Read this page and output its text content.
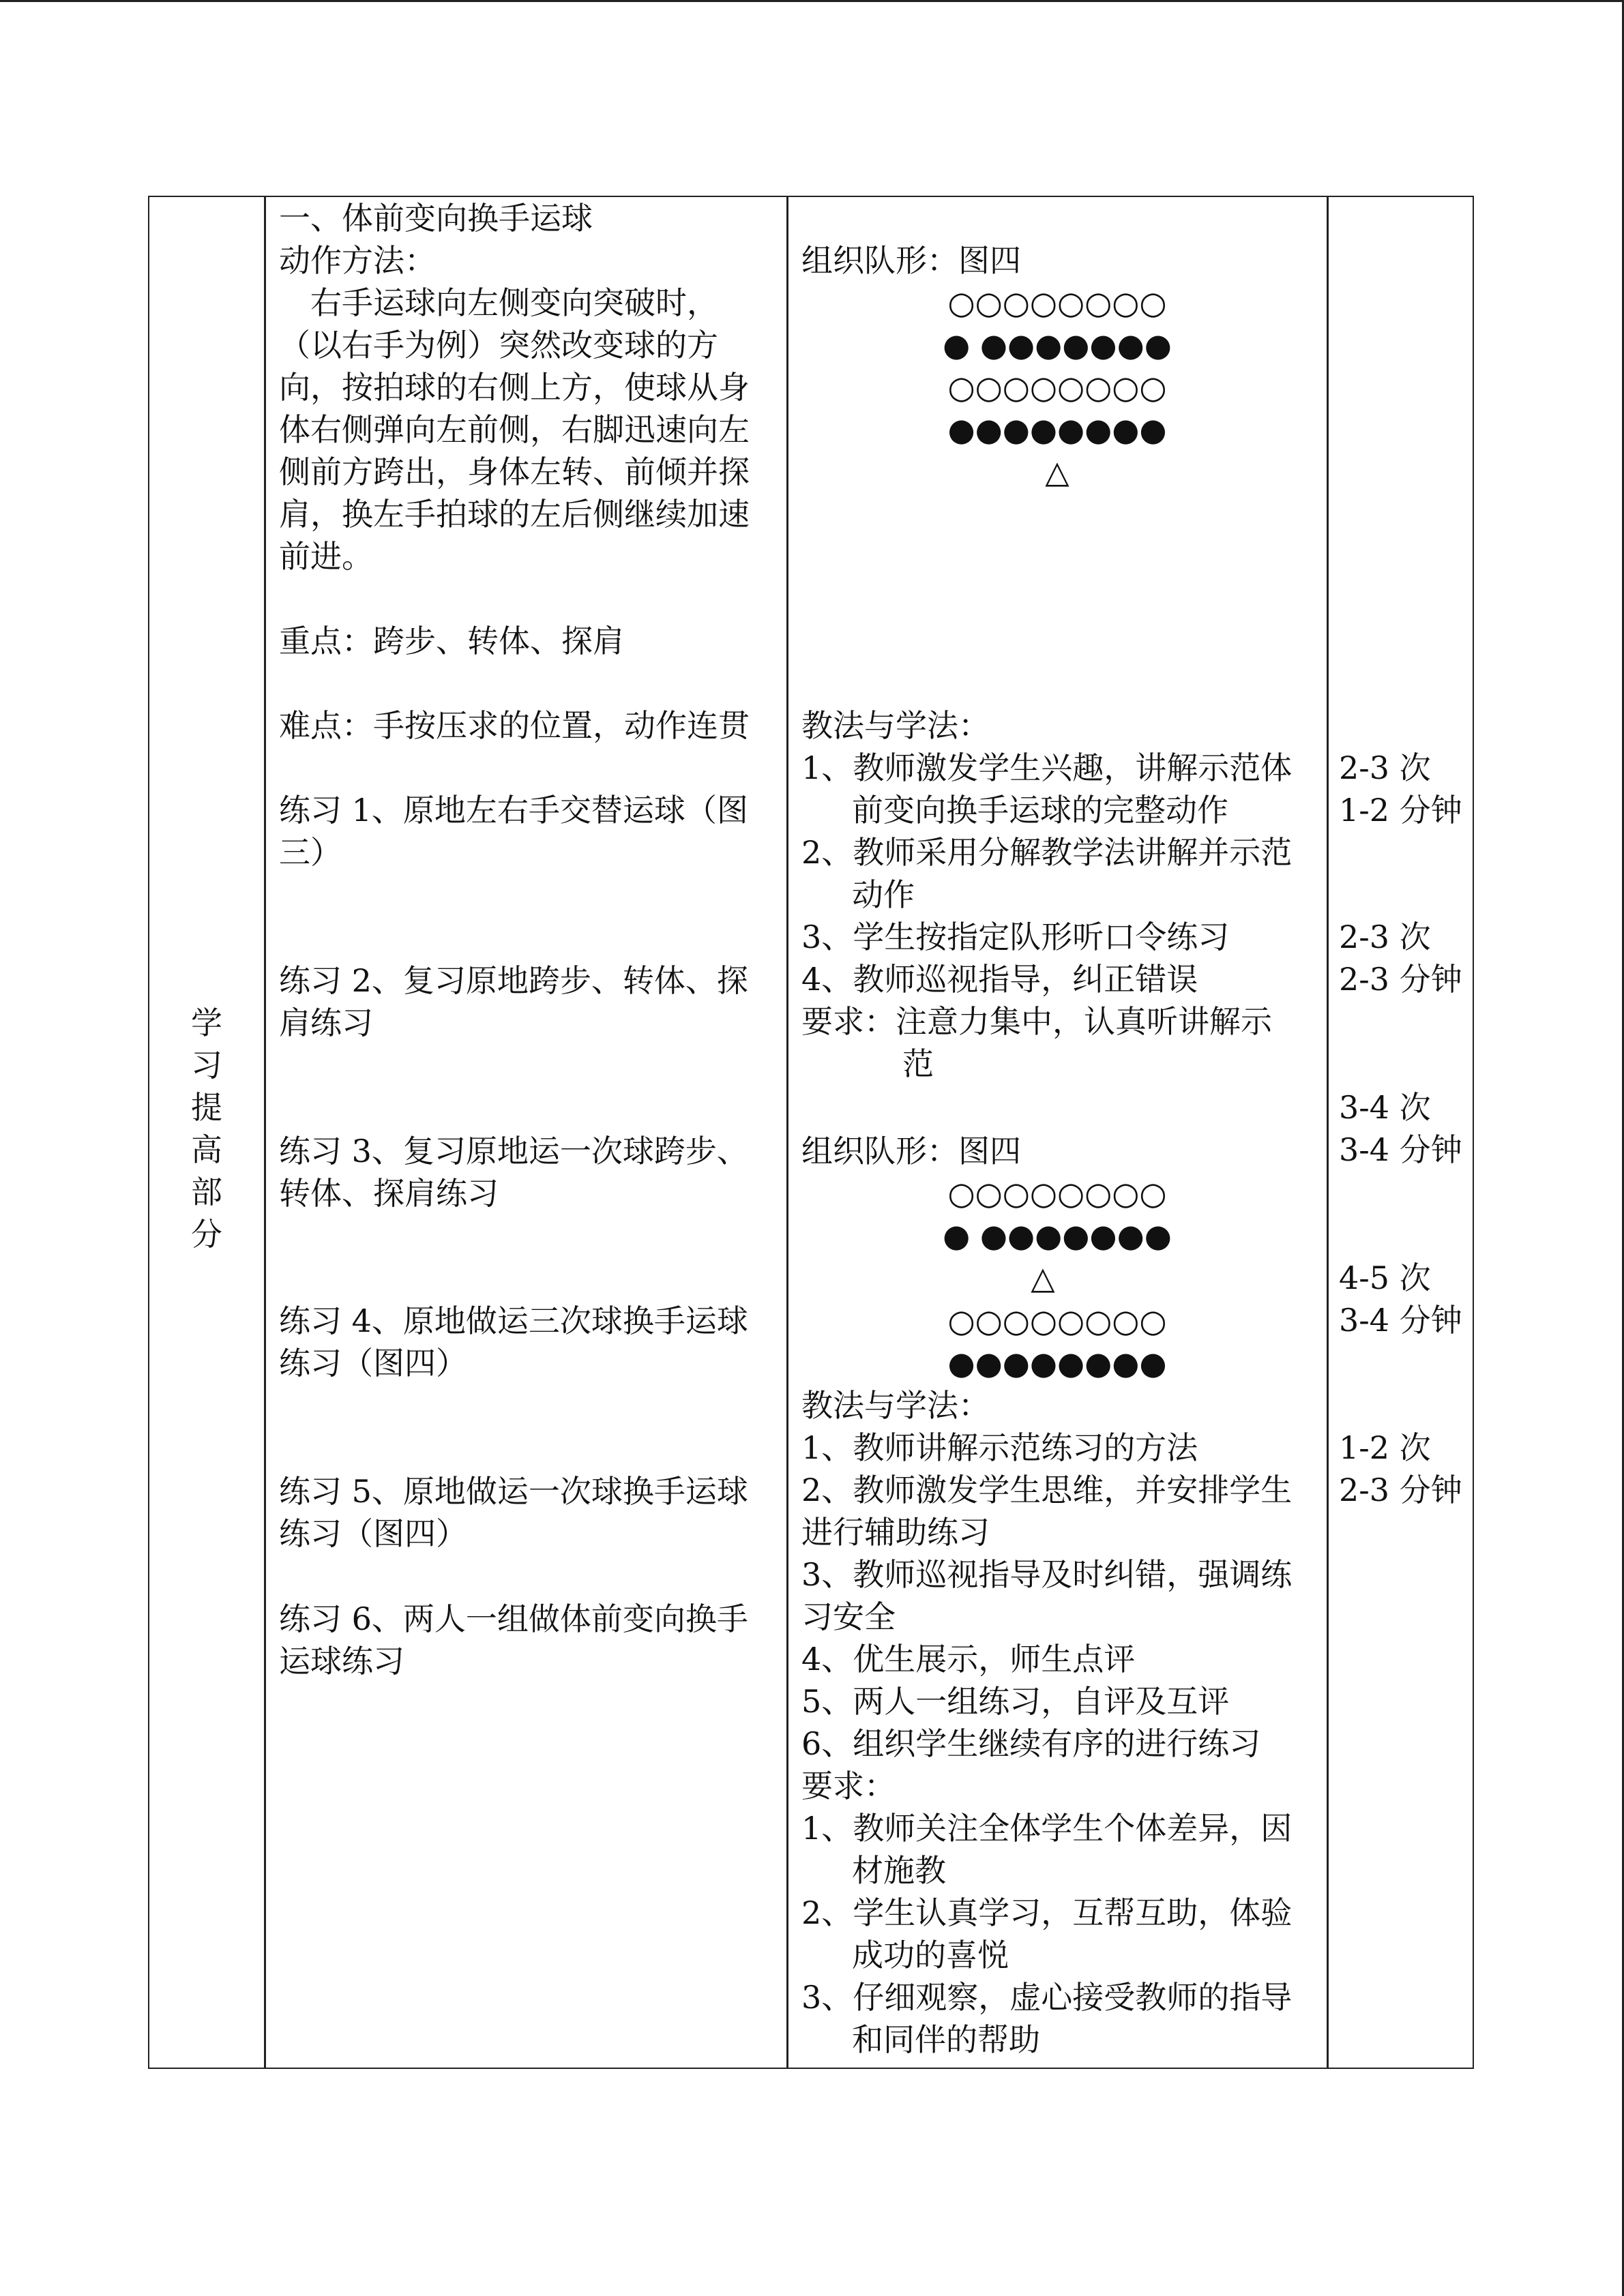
学
习
提
高
部
分
一、体前变向换手运球
动作方法：
　右手运球向左侧变向突破时，
（以右手为例）突然改变球的方
向，按拍球的右侧上方，使球从身
体右侧弹向左前侧，右脚迅速向左
侧前方跨出，身体左转、前倾并探
肩，换左手拍球的左后侧继续加速
前进。
重点：跨步、转体、探肩
难点：手按压求的位置，动作连贯
练习 1、原地左右手交替运球（图
三）
练习 2、复习原地跨步、转体、探
肩练习
练习 3、复习原地运一次球跨步、
转体、探肩练习
练习 4、原地做运三次球换手运球
练习（图四）
练习 5、原地做运一次球换手运球
练习（图四）
练习 6、两人一组做体前变向换手
运球练习
组织队形：图四
○○○○○○○○
● ●●●●●●●
○○○○○○○○
●●●●●●●●
△
教法与学法：
1、教师激发学生兴趣，讲解示范体
前变向换手运球的完整动作
2、教师采用分解教学法讲解并示范
动作
3、学生按指定队形听口令练习
4、教师巡视指导，纠正错误
要求：注意力集中，认真听讲解示
范
组织队形：图四
○○○○○○○○
● ●●●●●●●
△
○○○○○○○○
●●●●●●●●
教法与学法：
1、教师讲解示范练习的方法
2、教师激发学生思维，并安排学生
进行辅助练习
3、教师巡视指导及时纠错，强调练
习安全
4、优生展示，师生点评
5、两人一组练习，自评及互评
6、组织学生继续有序的进行练习
要求：
1、教师关注全体学生个体差异，因
材施教
2、学生认真学习，互帮互助，体验
成功的喜悦
3、仔细观察，虚心接受教师的指导
和同伴的帮助
2-3 次
1-2 分钟
2-3 次
2-3 分钟
3-4 次
3-4 分钟
4-5 次
3-4 分钟
1-2 次
2-3 分钟
